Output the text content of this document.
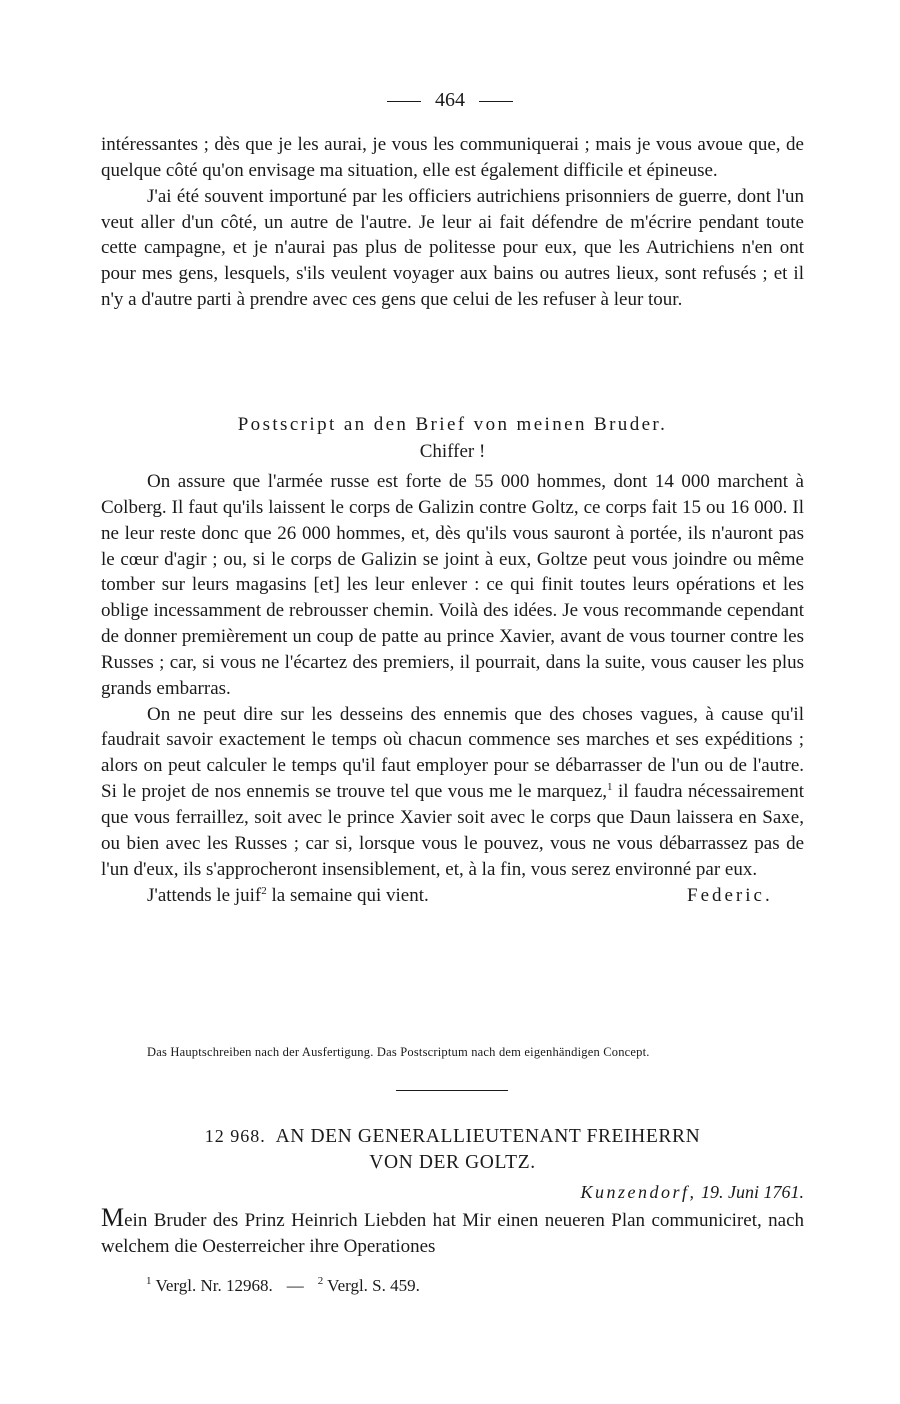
464

intéressantes ; dès que je les aurai, je vous les communiquerai ; mais je vous avoue que, de quelque côté qu'on envisage ma situation, elle est également difficile et épineuse.

J'ai été souvent importuné par les officiers autrichiens prisonniers de guerre, dont l'un veut aller d'un côté, un autre de l'autre. Je leur ai fait défendre de m'écrire pendant toute cette campagne, et je n'aurai pas plus de politesse pour eux, que les Autrichiens n'en ont pour mes gens, lesquels, s'ils veulent voyager aux bains ou autres lieux, sont refusés ; et il n'y a d'autre parti à prendre avec ces gens que celui de les refuser à leur tour.

Postscript an den Brief von meinen Bruder.
Chiffer !

On assure que l'armée russe est forte de 55 000 hommes, dont 14 000 marchent à Colberg. Il faut qu'ils laissent le corps de Galizin contre Goltz, ce corps fait 15 ou 16 000. Il ne leur reste donc que 26 000 hommes, et, dès qu'ils vous sauront à portée, ils n'auront pas le cœur d'agir ; ou, si le corps de Galizin se joint à eux, Goltze peut vous joindre ou même tomber sur leurs magasins [et] les leur enlever : ce qui finit toutes leurs opérations et les oblige incessamment de rebrousser chemin. Voilà des idées. Je vous recommande cependant de donner premièrement un coup de patte au prince Xavier, avant de vous tourner contre les Russes ; car, si vous ne l'écartez des premiers, il pourrait, dans la suite, vous causer les plus grands embarras.

On ne peut dire sur les desseins des ennemis que des choses vagues, à cause qu'il faudrait savoir exactement le temps où chacun commence ses marches et ses expéditions ; alors on peut calculer le temps qu'il faut employer pour se débarrasser de l'un ou de l'autre. Si le projet de nos ennemis se trouve tel que vous me le marquez,$^1$ il faudra nécessairement que vous ferraillez, soit avec le prince Xavier soit avec le corps que Daun laissera en Saxe, ou bien avec les Russes ; car si, lorsque vous le pouvez, vous ne vous débarrassez pas de l'un d'eux, ils s'approcheront insensiblement, et, à la fin, vous serez environné par eux.

J'attends le juif$^2$ la semaine qui vient.	Federic.

Das Hauptschreiben nach der Ausfertigung. Das Postscriptum nach dem eigenhändigen Concept.
12 968. AN DEN GENERALLIEUTENANT FREIHERRN
VON DER GOLTZ.
Kunzendorf, 19. Juni 1761.

Mein Bruder des Prinz Heinrich Liebden hat Mir einen neueren Plan communiciret, nach welchem die Oesterreicher ihre Operationes

$^1$ Vergl. Nr. 12968. — $^2$ Vergl. S. 459.
